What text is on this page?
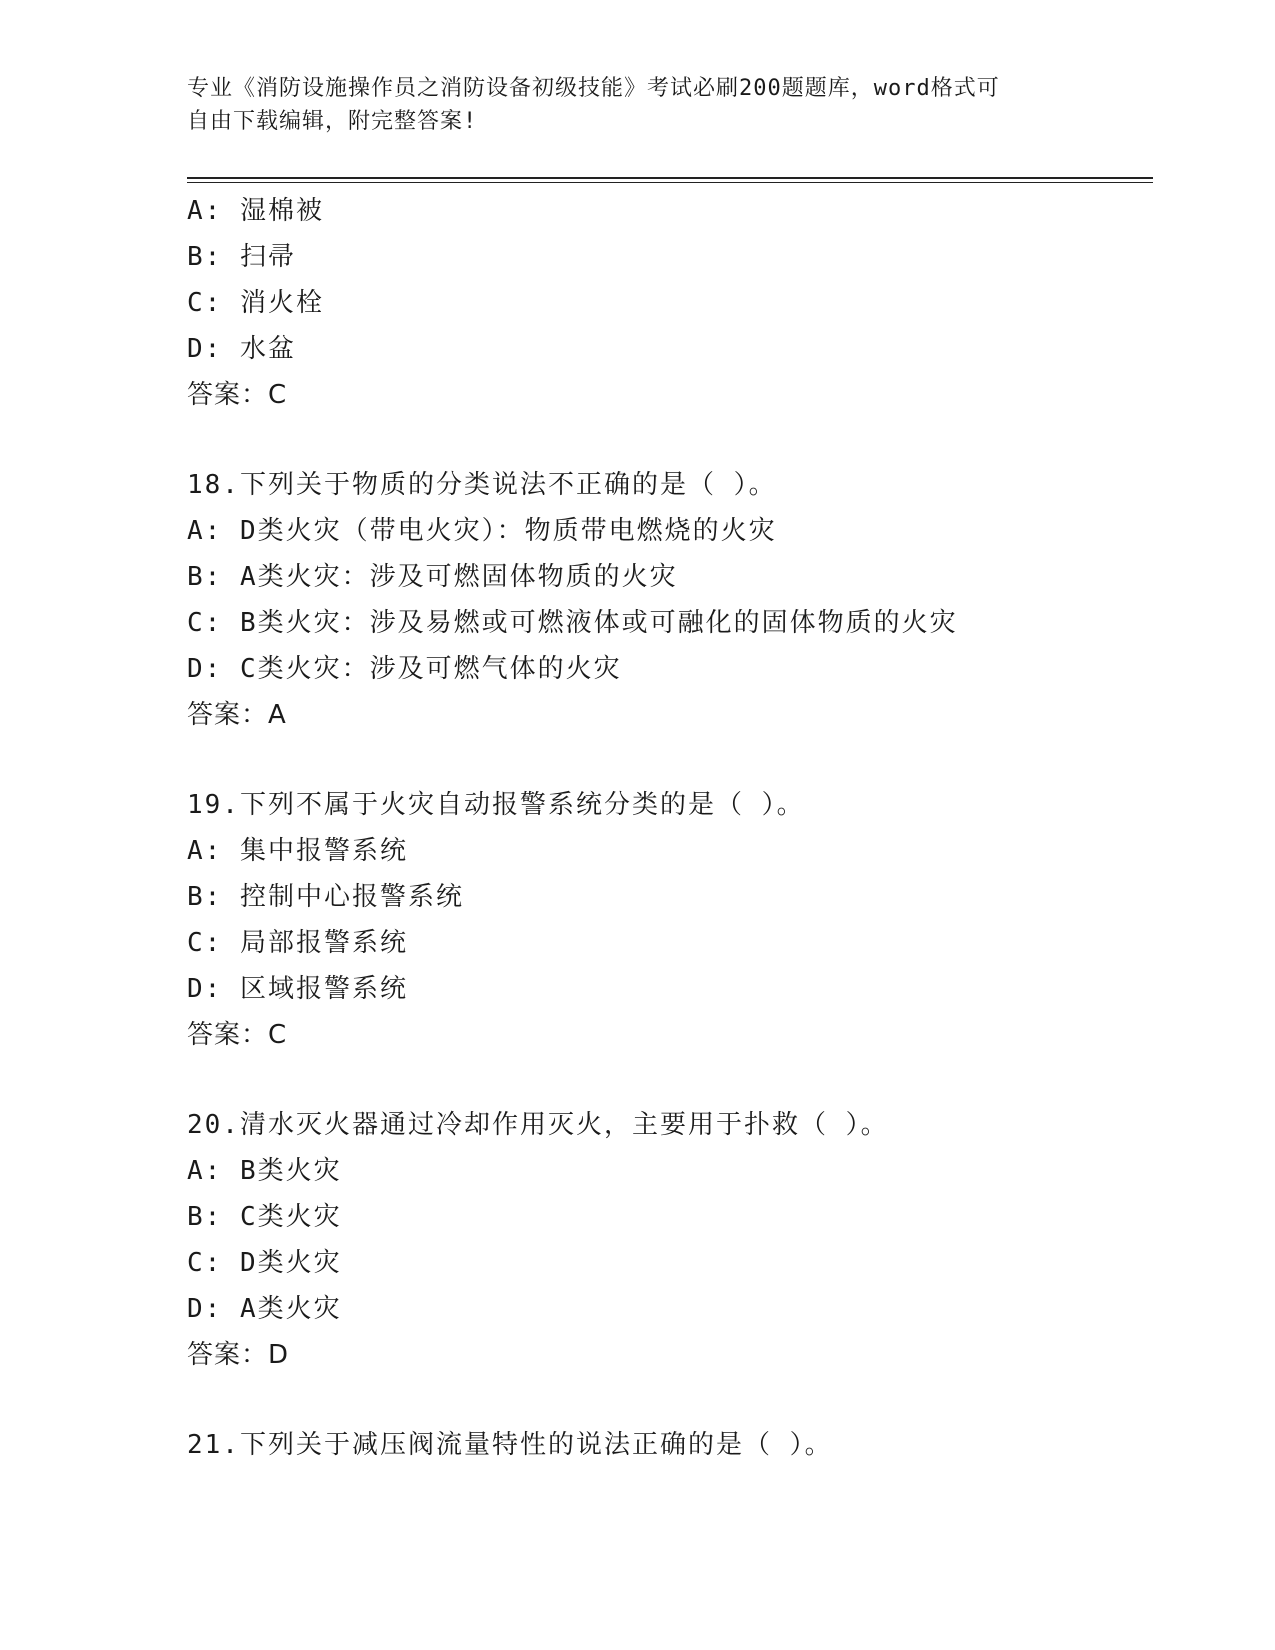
专业《消防设施操作员之消防设备初级技能》考试必刷200题题库，word格式可
自由下载编辑，附完整答案!
A: 湿棉被
B: 扫帚
C: 消火栓
D: 水盆
答案：C
18.下列关于物质的分类说法不正确的是（ ）。
A: D类火灾（带电火灾）：物质带电燃烧的火灾
B: A类火灾：涉及可燃固体物质的火灾
C: B类火灾：涉及易燃或可燃液体或可融化的固体物质的火灾
D: C类火灾：涉及可燃气体的火灾
答案：A
19.下列不属于火灾自动报警系统分类的是（ ）。
A: 集中报警系统
B: 控制中心报警系统
C: 局部报警系统
D: 区域报警系统
答案：C
20.清水灭火器通过冷却作用灭火，主要用于扑救（ ）。
A: B类火灾
B: C类火灾
C: D类火灾
D: A类火灾
答案：D
21.下列关于减压阀流量特性的说法正确的是（ ）。
